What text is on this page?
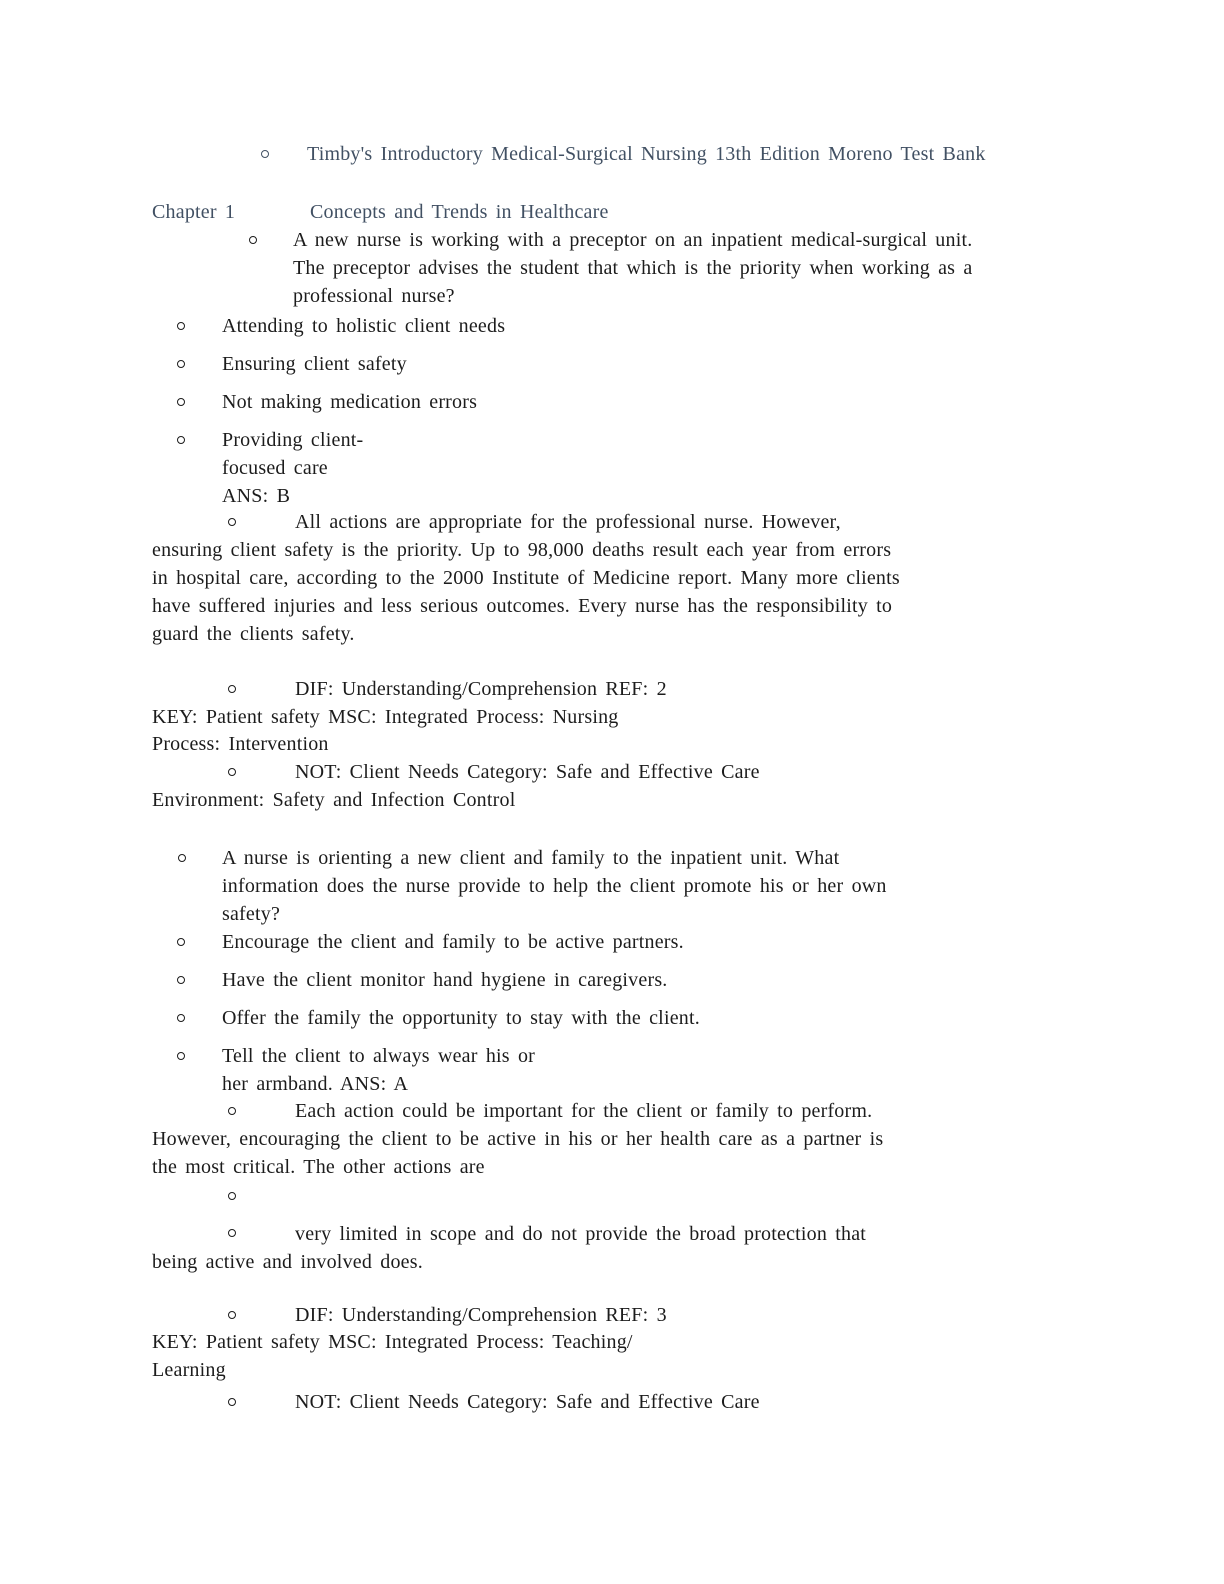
Timby's Introductory Medical-Surgical Nursing 13th Edition Moreno Test Bank
Chapter 1	Concepts and Trends in Healthcare
A new nurse is working with a preceptor on an inpatient medical-surgical unit.
The preceptor advises the student that which is the priority when working as a
professional nurse?
Attending to holistic client needs
Ensuring client safety
Not making medication errors
Providing client-
focused care
ANS: B
All actions are appropriate for the professional nurse. However,
ensuring client safety is the priority. Up to 98,000 deaths result each year from errors
in hospital care, according to the 2000 Institute of Medicine report. Many more clients
have suffered injuries and less serious outcomes. Every nurse has the responsibility to
guard the clients safety.
DIF: Understanding/Comprehension REF: 2
KEY: Patient safety MSC: Integrated Process: Nursing
Process: Intervention
NOT: Client Needs Category: Safe and Effective Care
Environment: Safety and Infection Control
A nurse is orienting a new client and family to the inpatient unit. What
information does the nurse provide to help the client promote his or her own
safety?
Encourage the client and family to be active partners.
Have the client monitor hand hygiene in caregivers.
Offer the family the opportunity to stay with the client.
Tell the client to always wear his or
her armband. ANS: A
Each action could be important for the client or family to perform.
However, encouraging the client to be active in his or her health care as a partner is
the most critical. The other actions are
very limited in scope and do not provide the broad protection that
being active and involved does.
DIF: Understanding/Comprehension REF: 3
KEY: Patient safety MSC: Integrated Process: Teaching/
Learning
NOT: Client Needs Category: Safe and Effective Care
